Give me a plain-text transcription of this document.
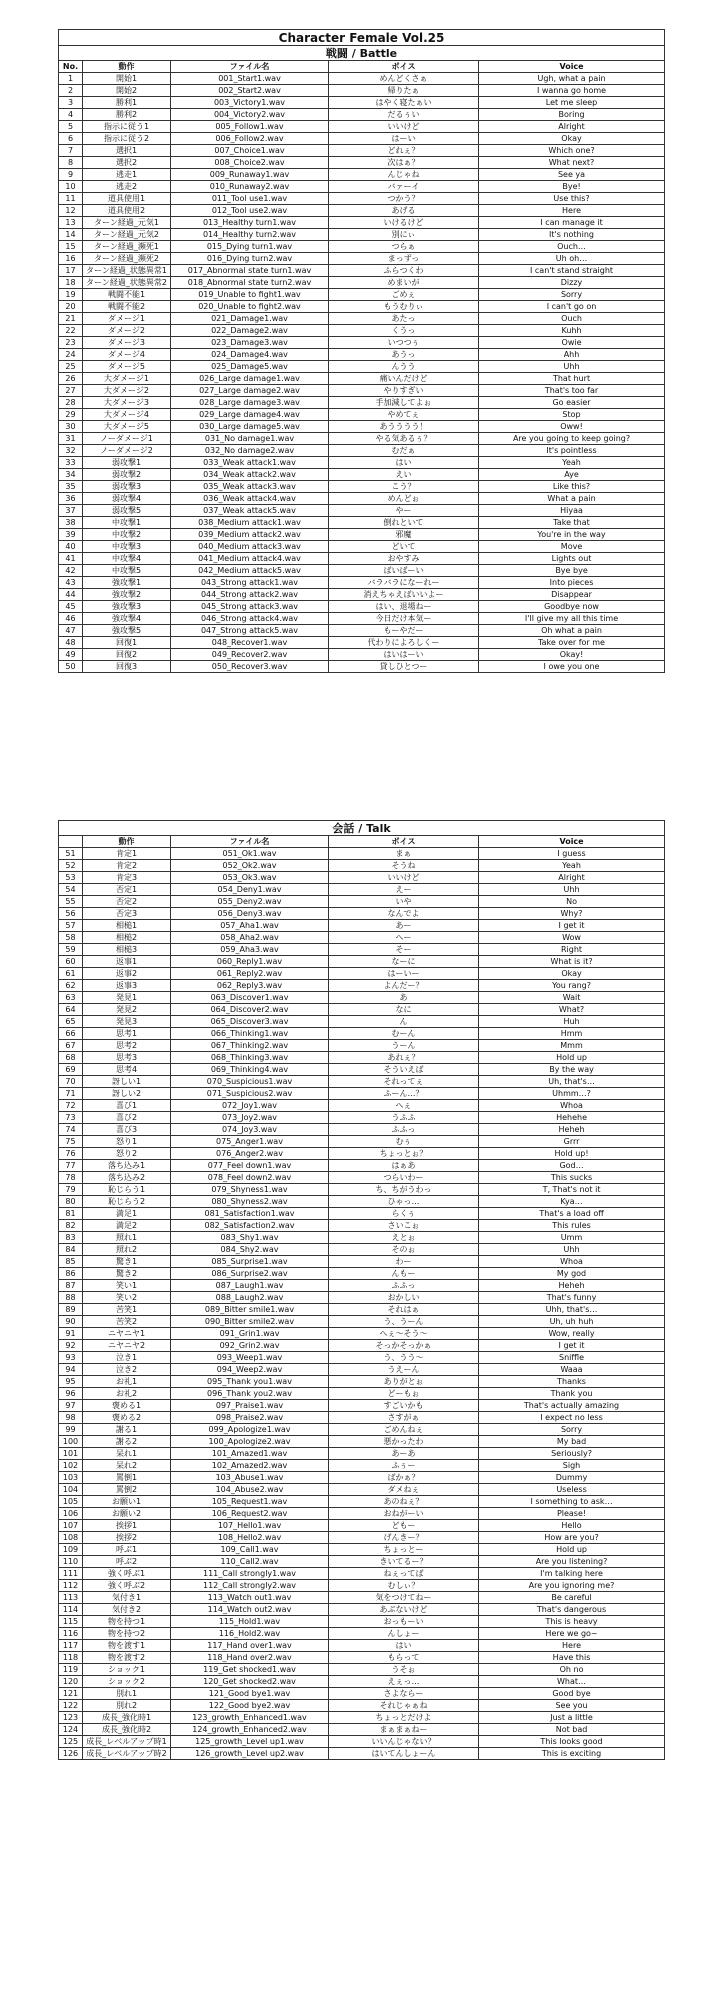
Character Female Vol.25				
戦闘 / Battle				
No.	動作	ファイル名	ボイス	Voice
1	開始1	001_Start1.wav	めんどくさぁ	Ugh, what a pain
2	開始2	002_Start2.wav	帰りたぁ	I wanna go home
3	勝利1	003_Victory1.wav	はやく寝たぁい	Let me sleep
4	勝利2	004_Victory2.wav	だるぅい	Boring
5	指示に従う1	005_Follow1.wav	いいけど	Alright
6	指示に従う2	006_Follow2.wav	はーい	Okay
7	選択1	007_Choice1.wav	どれぇ？	Which one?
8	選択2	008_Choice2.wav	次はぁ？	What next?
9	逃走1	009_Runaway1.wav	んじゃね	See ya
10	逃走2	010_Runaway2.wav	バァーイ	Bye!
11	道具使用1	011_Tool use1.wav	つかう？	Use this?
12	道具使用2	012_Tool use2.wav	あげる	Here
13	ターン経過_元気1	013_Healthy turn1.wav	いけるけど	I can manage it
14	ターン経過_元気2	014_Healthy turn2.wav	別にぃ	It's nothing
15	ターン経過_瀕死1	015_Dying turn1.wav	つらぁ	Ouch…
16	ターン経過_瀕死2	016_Dying turn2.wav	まっずっ	Uh oh…
17	ターン経過_状態異常1	017_Abnormal state turn1.wav	ふらつくわ	I can't stand straight
18	ターン経過_状態異常2	018_Abnormal state turn2.wav	めまいが	Dizzy
19	戦闘不能1	019_Unable to fight1.wav	ごめぇ	Sorry
20	戦闘不能2	020_Unable to fight2.wav	もうむりぃ	I can't go on
21	ダメージ1	021_Damage1.wav	あたっ	Ouch
22	ダメージ2	022_Damage2.wav	くうっ	Kuhh
23	ダメージ3	023_Damage3.wav	いつつぅ	Owie
24	ダメージ4	024_Damage4.wav	あうっ	Ahh
25	ダメージ5	025_Damage5.wav	んうう	Uhh
26	大ダメージ1	026_Large damage1.wav	痛いんだけど	That hurt
27	大ダメージ2	027_Large damage2.wav	やりすぎい	That's too far
28	大ダメージ3	028_Large damage3.wav	手加減してよぉ	Go easier
29	大ダメージ4	029_Large damage4.wav	やめてぇ	Stop
30	大ダメージ5	030_Large damage5.wav	あうううう！	Oww!
31	ノーダメージ1	031_No damage1.wav	やる気あるぅ？	Are you going to keep going?
32	ノーダメージ2	032_No damage2.wav	むだぁ	It's pointless
33	弱攻撃1	033_Weak attack1.wav	はい	Yeah
34	弱攻撃2	034_Weak attack2.wav	えい	Aye
35	弱攻撃3	035_Weak attack3.wav	こう？	Like this?
36	弱攻撃4	036_Weak attack4.wav	めんどぉ	What a pain
37	弱攻撃5	037_Weak attack5.wav	やー	Hiyaa
38	中攻撃1	038_Medium attack1.wav	倒れといて	Take that
39	中攻撃2	039_Medium attack2.wav	邪魔	You're in the way
40	中攻撃3	040_Medium attack3.wav	どいて	Move
41	中攻撃4	041_Medium attack4.wav	おやすみ	Lights out
42	中攻撃5	042_Medium attack5.wav	ばいばーい	Bye bye
43	強攻撃1	043_Strong attack1.wav	バラバラになーれー	Into pieces
44	強攻撃2	044_Strong attack2.wav	消えちゃえばいいよー	Disappear
45	強攻撃3	045_Strong attack3.wav	はい、退場ねー	Goodbye now
46	強攻撃4	046_Strong attack4.wav	今日だけ本気ー	I'll give my all this time
47	強攻撃5	047_Strong attack5.wav	もーやだー	Oh what a pain
48	回復1	048_Recover1.wav	代わりによろしくー	Take over for me
49	回復2	049_Recover2.wav	はいはーい	Okay!
50	回復3	050_Recover3.wav	貸しひとつー	I owe you one
会話 / Talk				
	動作	ファイル名	ボイス	Voice
51	肯定1	051_Ok1.wav	まぁ	I guess
52	肯定2	052_Ok2.wav	そうね	Yeah
53	肯定3	053_Ok3.wav	いいけど	Alright
54	否定1	054_Deny1.wav	えー	Uhh
55	否定2	055_Deny2.wav	いや	No
56	否定3	056_Deny3.wav	なんでよ	Why?
57	相槌1	057_Aha1.wav	あー	I get it
58	相槌2	058_Aha2.wav	へー	Wow
59	相槌3	059_Aha3.wav	そー	Right
60	返事1	060_Reply1.wav	なーに	What is it?
61	返事2	061_Reply2.wav	はーいー	Okay
62	返事3	062_Reply3.wav	よんだー？	You rang?
63	発見1	063_Discover1.wav	あ	Wait
64	発見2	064_Discover2.wav	なに	What?
65	発見3	065_Discover3.wav	ん	Huh
66	思考1	066_Thinking1.wav	むーん	Hmm
67	思考2	067_Thinking2.wav	うーん	Mmm
68	思考3	068_Thinking3.wav	あれぇ？	Hold up
69	思考4	069_Thinking4.wav	そういえば	By the way
70	訝しい1	070_Suspicious1.wav	それってぇ	Uh, that's…
71	訝しい2	071_Suspicious2.wav	ふーん…？	Uhmm…?
72	喜び1	072_Joy1.wav	へぇ	Whoa
73	喜び2	073_Joy2.wav	うふふ	Hehehe
74	喜び3	074_Joy3.wav	ふふっ	Heheh
75	怒り1	075_Anger1.wav	むぅ	Grrr
76	怒り2	076_Anger2.wav	ちょっとぉ？	Hold up!
77	落ち込み1	077_Feel down1.wav	はぁあ	God…
78	落ち込み2	078_Feel down2.wav	つらいわー	This sucks
79	恥じらう1	079_Shyness1.wav	ち、ちがうわっ	T, That's not it
80	恥じらう2	080_Shyness2.wav	ひゃっ…	Kya…
81	満足1	081_Satisfaction1.wav	らくぅ	That's a load off
82	満足2	082_Satisfaction2.wav	さいこぉ	This rules
83	照れ1	083_Shy1.wav	えとぉ	Umm
84	照れ2	084_Shy2.wav	そのぉ	Uhh
85	驚き1	085_Surprise1.wav	わー	Whoa
86	驚き2	086_Surprise2.wav	んもー	My god
87	笑い1	087_Laugh1.wav	ふふっ	Heheh
88	笑い2	088_Laugh2.wav	おかしい	That's funny
89	苦笑1	089_Bitter smile1.wav	それはぁ	Uhh, that's…
90	苦笑2	090_Bitter smile2.wav	う、うーん	Uh, uh huh
91	ニヤニヤ1	091_Grin1.wav	へぇ～そう～	Wow, really
92	ニヤニヤ2	092_Grin2.wav	そっかそっかぁ	I get it
93	泣き1	093_Weep1.wav	う、うう～	Sniffle
94	泣き2	094_Weep2.wav	うえーん	Waaa
95	お礼1	095_Thank you1.wav	ありがとぉ	Thanks
96	お礼2	096_Thank you2.wav	どーもぉ	Thank you
97	褒める1	097_Praise1.wav	すごいかも	That's actually amazing
98	褒める2	098_Praise2.wav	さすがぁ	I expect no less
99	謝る1	099_Apologize1.wav	ごめんねぇ	Sorry
100	謝る2	100_Apologize2.wav	悪かったわ	My bad
101	呆れ1	101_Amazed1.wav	あーあ	Seriously?
102	呆れ2	102_Amazed2.wav	ふぅー	Sigh
103	罵倒1	103_Abuse1.wav	ばかぁ？	Dummy
104	罵倒2	104_Abuse2.wav	ダメねぇ	Useless
105	お願い1	105_Request1.wav	あのねぇ？	I something to ask…
106	お願い2	106_Request2.wav	おねがーい	Please!
107	挨拶1	107_Hello1.wav	どもー	Hello
108	挨拶2	108_Hello2.wav	げんきー？	How are you?
109	呼ぶ1	109_Call1.wav	ちょっとー	Hold up
110	呼ぶ2	110_Call2.wav	きいてるー？	Are you listening?
111	強く呼ぶ1	111_Call strongly1.wav	ねぇってば	I'm talking here
112	強く呼ぶ2	112_Call strongly2.wav	むしぃ？	Are you ignoring me?
113	気付き1	113_Watch out1.wav	気をつけてねー	Be careful
114	気付き2	114_Watch out2.wav	あぶないけど	That's dangerous
115	物を持つ1	115_Hold1.wav	おっもーい	This is heavy
116	物を持つ2	116_Hold2.wav	んしょー	Here we go~
117	物を渡す1	117_Hand over1.wav	はい	Here
118	物を渡す2	118_Hand over2.wav	もらって	Have this
119	ショック1	119_Get shocked1.wav	うそぉ	Oh no
120	ショック2	120_Get shocked2.wav	えぇっ…	What…
121	別れ1	121_Good bye1.wav	さよならー	Good bye
122	別れ2	122_Good bye2.wav	それじゃぁね	See you
123	成長_強化時1	123_growth_Enhanced1.wav	ちょっとだけよ	Just a little
124	成長_強化時2	124_growth_Enhanced2.wav	まぁまぁねー	Not bad
125	成長_レベルアップ時1	125_growth_Level up1.wav	いいんじゃない？	This looks good
126	成長_レベルアップ時2	126_growth_Level up2.wav	はいてんしょーん	This is exciting
